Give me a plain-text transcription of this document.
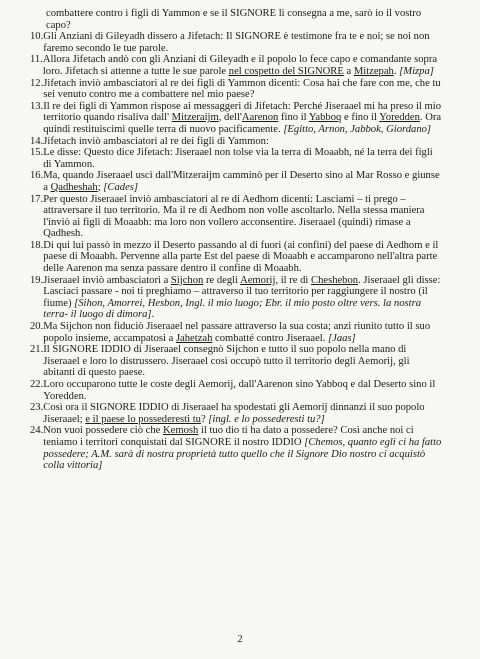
combattere contro i figli di Yammon e se il SIGNORE li consegna a me, sarò io il vostro capo?

10. Gli Anziani di Gileyadh dissero a Jifetach: Il SIGNORE è testimone fra te e noi; se noi non faremo secondo le tue parole.

11. Allora Jifetach andò con gli Anziani di Gileyadh e il popolo lo fece capo e comandante sopra loro. Jifetach si attenne a tutte le sue parole nel cospetto del SIGNORE a Mitzepah. [Mizpa]

12. Jifetach inviò ambasciatori al re dei figli di Yammon dicenti: Cosa hai che fare con me, che tu sei venuto contro me a combattere nel mio paese?

13. Il re dei figli di Yammon rispose ai messaggeri di Jifetach: Perché Jiseraael mi ha preso il mio territorio quando risaliva dall' Mitzeraijm, dell'Aarenon fino il Yabboq e fino il Yoredden. Ora quindi restituiscimi quelle terra di nuovo pacificamente. [Egitto, Arnon, Jabbok, Giordano]

14. Jifetach inviò ambasciatori al re dei figli di Yammon:

15. Le disse: Questo dice Jifetach: Jiseraael non tolse via la terra di Moaabh, né la terra dei figli di Yammon.

16. Ma, quando Jiseraael uscì dall'Mitzeraijm camminò per il Deserto sino al Mar Rosso e giunse a Qadheshah; [Cades]

17. Per questo Jiseraael inviò ambasciatori al re di Aedhom dicenti: Lasciami – ti prego – attraversare il tuo territorio. Ma il re di Aedhom non volle ascoltarlo. Nella stessa maniera l'inviò ai figli di Moaabh: ma loro non vollero acconsentire. Jiseraael (quindi) rimase a Qadhesh.

18. Di qui lui passò in mezzo il Deserto passando al di fuori (ai confini) del paese di Aedhom e il paese di Moaabh. Pervenne alla parte Est del paese di Moaabh e accamparono nell'altra parte delle Aarenon ma senza passare dentro il confine di Moaabh.

19. Jiseraael inviò ambasciatori a Sijchon re degli Aemorij, il re di Cheshebon. Jiseraael gli disse: Lasciaci passare - noi ti preghiamo – attraverso il tuo territorio per raggiungere il nostro (il fiume) [Sihon, Amorrei, Hesbon, Ingl. il mio luogo; Ebr. il mio posto oltre vers. la nostra terra- il luogo di dimora].

20. Ma Sijchon non fiduciò Jiseraael nel passare attraverso la sua costa; anzi riunito tutto il suo popolo insieme, accampatosi a Jahetzah combatté contro Jiseraael. [Jaas]

21. Il SIGNORE IDDIO di Jiseraael consegnò Sijchon e tutto il suo popolo nella mano di Jiseraael e loro lo distrussero. Jiseraael così occupò tutto il territorio degli Aemorij, gli abitanti di questo paese.

22. Loro occuparono tutte le coste degli Aemorij, dall'Aarenon sino Yabboq e dal Deserto sino il Yoredden.

23. Così ora il SIGNORE IDDIO di Jiseraael ha spodestati gli Aemorij dinnanzi il suo popolo Jiseraael; e il paese lo possederesti tu? [ingl. e lo possederesti tu?]

24. Non vuoi possedere ciò che Kemosh il tuo dio ti ha dato a possedere? Così anche noi ci teniamo i territori conquistati dal SIGNORE il nostro IDDIO [Chemos, quanto egli ci ha fatto possedere; A.M. sarà di nostra proprietà tutto quello che il Signore Dio nostro ci acquistò colla vittoria]

2
